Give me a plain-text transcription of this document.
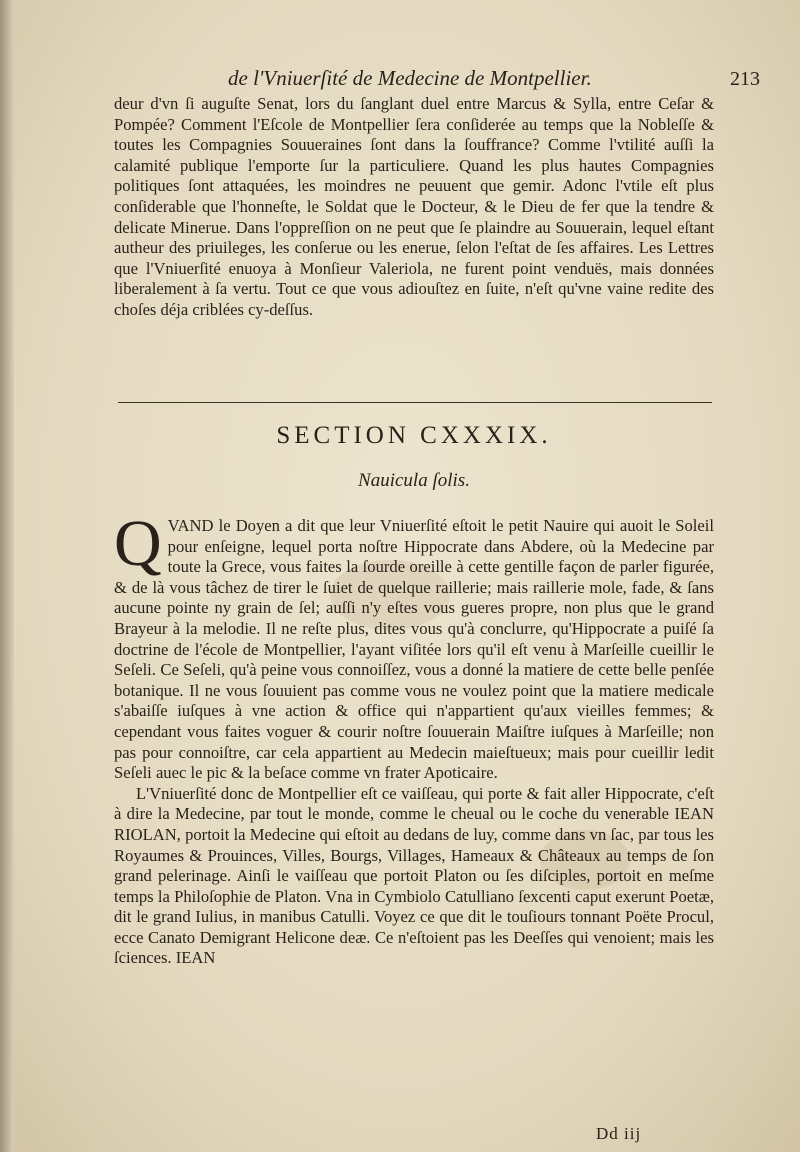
de l'Vniuerſité de Medecine de Montpellier.	213

deur d'vn ſi auguſte Senat, lors du ſanglant duel entre Marcus & Sylla, entre Ceſar & Pompée? Comment l'Eſcole de Montpellier ſera conſiderée au temps que la Nobleſſe & toutes les Compagnies Souueraines ſont dans la ſouffrance? Comme l'vtilité auſſi la calamité publique l'emporte ſur la particuliere. Quand les plus hautes Compagnies politiques ſont attaquées, les moindres ne peuuent que gemir. Adonc l'vtile eſt plus conſiderable que l'honneſte, le Soldat que le Docteur, & le Dieu de fer que la tendre & delicate Minerue. Dans l'oppreſſion on ne peut que ſe plaindre au Souuerain, lequel eſtant autheur des priuileges, les conſerue ou les enerue, ſelon l'eſtat de ſes affaires. Les Lettres que l'Vniuerſité enuoya à Monſieur Valeriola, ne furent point venduës, mais données liberalement à ſa vertu. Tout ce que vous adiouſtez en ſuite, n'eſt qu'vne vaine redite des choſes déja criblées cy-deſſus.

SECTION CXXXIX.
Nauicula ſolis.

QVAND le Doyen a dit que leur Vniuerſité eſtoit le petit Nauire qui auoit le Soleil pour enſeigne, lequel porta noſtre Hippocrate dans Abdere, où la Medecine par toute la Grece, vous faites la ſourde oreille à cette gentille façon de parler figurée, & de là vous tâchez de tirer le ſuiet de quelque raillerie; mais raillerie mole, fade, & ſans aucune pointe ny grain de ſel; auſſi n'y eſtes vous gueres propre, non plus que le grand Brayeur à la melodie. Il ne reſte plus, dites vous qu'à conclurre, qu'Hippocrate a puiſé ſa doctrine de l'école de Montpellier, l'ayant viſitée lors qu'il eſt venu à Marſeille cueillir le Seſeli. Ce Seſeli, qu'à peine vous connoiſſez, vous a donné la matiere de cette belle penſée botanique. Il ne vous ſouuient pas comme vous ne voulez point que la matiere medicale s'abaiſſe iuſques à vne action & office qui n'appartient qu'aux vieilles femmes; & cependant vous faites voguer & courir noſtre ſouuerain Maiſtre iuſques à Marſeille; non pas pour connoiſtre, car cela appartient au Medecin maieſtueux; mais pour cueillir ledit Seſeli auec le pic & la beſace comme vn frater Apoticaire.

L'Vniuerſité donc de Montpellier eſt ce vaiſſeau, qui porte & fait aller Hippocrate, c'eſt à dire la Medecine, par tout le monde, comme le cheual ou le coche du venerable IEAN RIOLAN, portoit la Medecine qui eſtoit au dedans de luy, comme dans vn ſac, par tous les Royaumes & Prouinces, Villes, Bourgs, Villages, Hameaux & Châteaux au temps de ſon grand pelerinage. Ainſi le vaiſſeau que portoit Platon ou ſes diſciples, portoit en meſme temps la Philoſophie de Platon. Vna in Cymbiolo Catulliano ſexcenti caput exerunt Poetæ, dit le grand Iulius, in manibus Catulli. Voyez ce que dit le touſiours tonnant Poëte Procul, ecce Canato Demigrant Helicone deæ. Ce n'eſtoient pas les Deeſſes qui venoient; mais les ſciences. IEAN

Dd iij
